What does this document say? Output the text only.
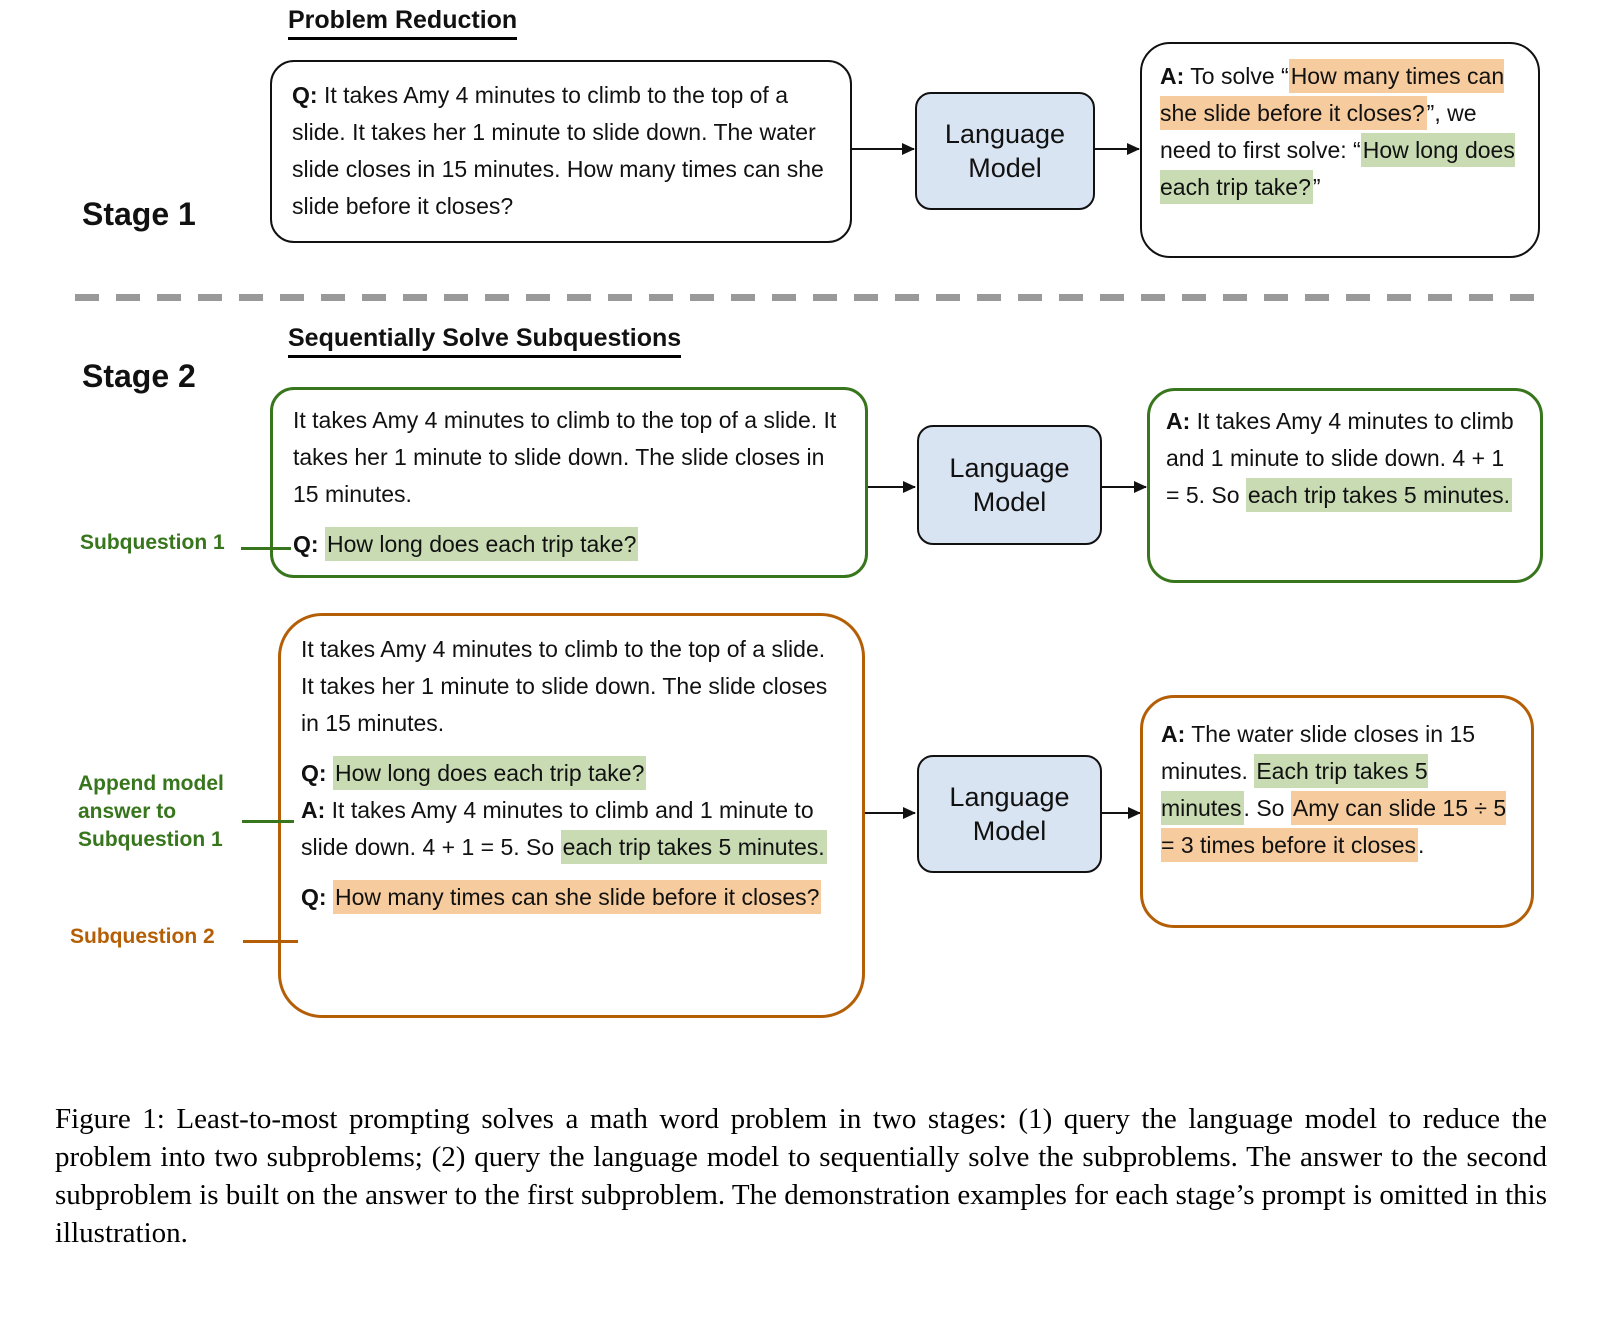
Problem Reduction
Stage 1
Q: It takes Amy 4 minutes to climb to the top of a slide. It takes her 1 minute to slide down. The water slide closes in 15 minutes. How many times can she slide before it closes?
Language Model
A: To solve “How many times can she slide before it closes?”, we need to first solve: “How long does each trip take?”
Sequentially Solve Subquestions
Stage 2

It takes Amy 4 minutes to climb to the top of a slide. It takes her 1 minute to slide down. The slide closes in 15 minutes.

Q: How long does each trip take?

Subquestion 1
Language Model
A: It takes Amy 4 minutes to climb and 1 minute to slide down. 4 + 1 = 5. So each trip takes 5 minutes.

It takes Amy 4 minutes to climb to the top of a slide. It takes her 1 minute to slide down. The slide closes in 15 minutes.

Q: How long does each trip take?
A: It takes Amy 4 minutes to climb and 1 minute to slide down. 4 + 1 = 5. So each trip takes 5 minutes.

Q: How many times can she slide before it closes?

Append model
answer to
Subquestion 1
Subquestion 2
Language Model
A: The water slide closes in 15 minutes. Each trip takes 5 minutes. So Amy can slide 15 ÷ 5 = 3 times before it closes.
Figure 1: Least-to-most prompting solves a math word problem in two stages: (1) query the language model to reduce the problem into two subproblems; (2) query the language model to sequentially solve the subproblems. The answer to the second subproblem is built on the answer to the first subproblem. The demonstration examples for each stage’s prompt is omitted in this illustration.
